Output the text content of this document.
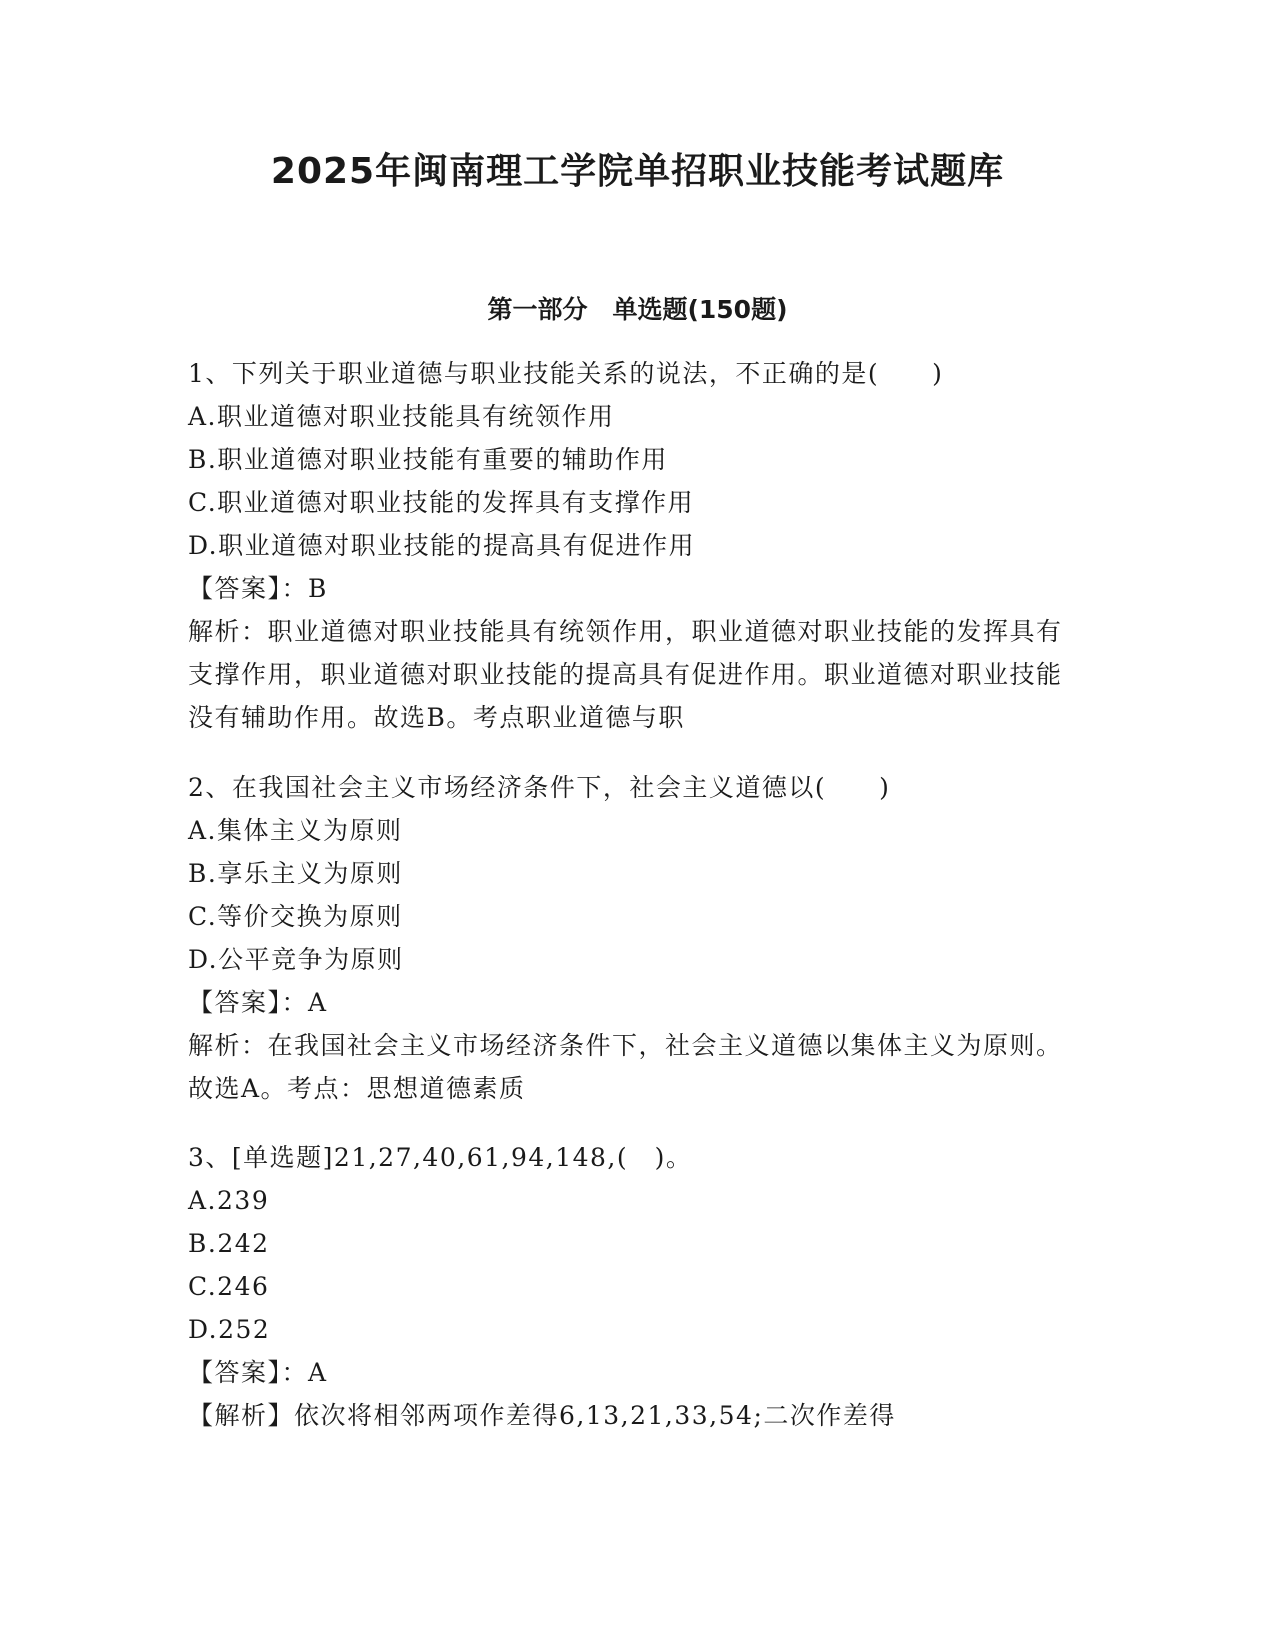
2025年闽南理工学院单招职业技能考试题库
第一部分　单选题(150题)
1、下列关于职业道德与职业技能关系的说法，不正确的是(　　)
A.职业道德对职业技能具有统领作用
B.职业道德对职业技能有重要的辅助作用
C.职业道德对职业技能的发挥具有支撑作用
D.职业道德对职业技能的提高具有促进作用
【答案】：B
解析：职业道德对职业技能具有统领作用，职业道德对职业技能的发挥具有支撑作用，职业道德对职业技能的提高具有促进作用。职业道德对职业技能没有辅助作用。故选B。考点职业道德与职
2、在我国社会主义市场经济条件下，社会主义道德以(　　)
A.集体主义为原则
B.享乐主义为原则
C.等价交换为原则
D.公平竞争为原则
【答案】：A
解析：在我国社会主义市场经济条件下，社会主义道德以集体主义为原则。故选A。考点：思想道德素质
3、[单选题]21,27,40,61,94,148,(　)。
A.239
B.242
C.246
D.252
【答案】：A
【解析】依次将相邻两项作差得6,13,21,33,54;二次作差得
